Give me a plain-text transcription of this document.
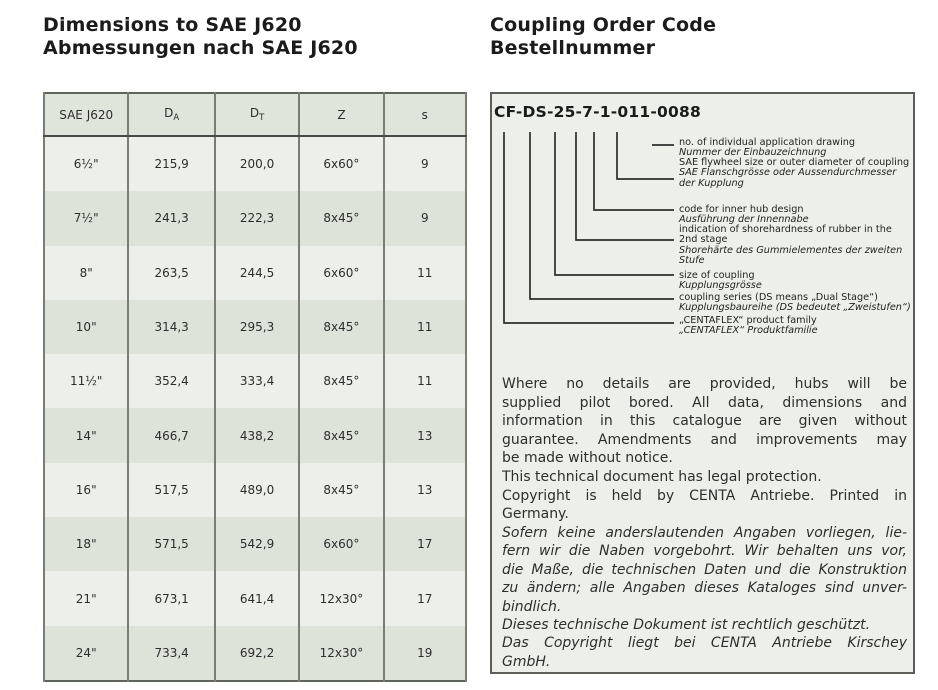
Dimensions to SAE J620
Abmessungen nach SAE J620
Coupling Order Code
Bestellnummer
SAE J620	$D_A$	$D_T$	Z	s
6½"	215,9	200,0	6x60°	9
7½"	241,3	222,3	8x45°	9
8"	263,5	244,5	6x60°	11
10"	314,3	295,3	8x45°	11
11½"	352,4	333,4	8x45°	11
14"	466,7	438,2	8x45°	13
16"	517,5	489,0	8x45°	13
18"	571,5	542,9	6x60°	17
21"	673,1	641,4	12x30°	17
24"	733,4	692,2	12x30°	19
CF-DS-25-7-1-011-0088
no. of individual application drawing
Nummer der Einbauzeichnung
SAE flywheel size or outer diameter of coupling
SAE Flanschgrösse oder Aussendurchmesser der Kupplung
code for inner hub design
Ausführung der Innennabe
indication of shorehardness of rubber in the 2nd stage
Shorehärte des Gummielementes der zweiten Stufe
size of coupling
Kupplungsgrösse
coupling series (DS means „Dual Stage“)
Kupplungsbaureihe (DS bedeutet „Zweistufen“)
„CENTAFLEX“ product family
„CENTAFLEX“ Produktfamilie
Where no details are provided, hubs will be
supplied pilot bored. All data, dimensions and
information in this catalogue are given without
guarantee. Amendments and improvements may
be made without notice.
This technical document has legal protection.
Copyright is held by CENTA Antriebe. Printed in
Germany.
Sofern keine anderslautenden Angaben vorliegen, lie-
fern wir die Naben vorgebohrt. Wir behalten uns vor,
die Maße, die technischen Daten und die Konstruktion
zu ändern; alle Angaben dieses Kataloges sind unver-
bindlich.
Dieses technische Dokument ist rechtlich geschützt.
Das Copyright liegt bei CENTA Antriebe Kirschey
GmbH.
